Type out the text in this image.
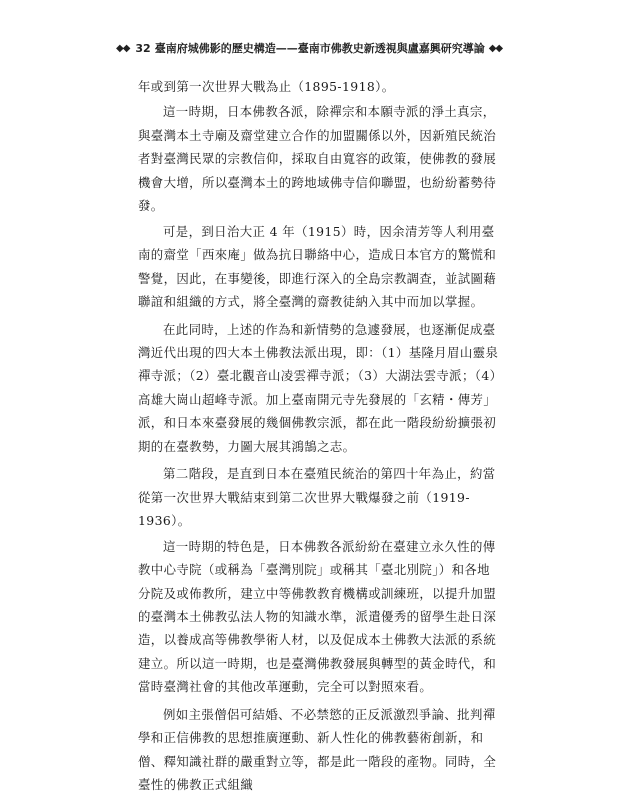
◆◆ 32 臺南府城佛影的歷史構造——臺南市佛教史新透視與盧嘉興研究導論 ◆◆

年或到第一次世界大戰為止（1895-1918）。

這一時期，日本佛教各派，除禪宗和本願寺派的淨土真宗，與臺灣本土寺廟及齋堂建立合作的加盟關係以外，因新殖民統治者對臺灣民眾的宗教信仰，採取自由寬容的政策，使佛教的發展機會大增，所以臺灣本土的跨地域佛寺信仰聯盟，也紛紛蓄勢待發。

可是，到日治大正 4 年（1915）時，因余清芳等人利用臺南的齋堂「西來庵」做為抗日聯絡中心，造成日本官方的驚慌和警覺，因此，在事變後，即進行深入的全島宗教調查，並試圖藉聯誼和組織的方式，將全臺灣的齋教徒納入其中而加以掌握。

在此同時，上述的作為和新情勢的急遽發展，也逐漸促成臺灣近代出現的四大本土佛教法派出現，即：（1）基隆月眉山靈泉禪寺派；（2）臺北觀音山凌雲禪寺派；（3）大湖法雲寺派；（4）高雄大崗山超峰寺派。加上臺南開元寺先發展的「玄精・傳芳」派，和日本來臺發展的幾個佛教宗派，都在此一階段紛紛擴張初期的在臺教勢，力圖大展其鴻鵠之志。

第二階段，是直到日本在臺殖民統治的第四十年為止，約當從第一次世界大戰結束到第二次世界大戰爆發之前（1919-1936）。

這一時期的特色是，日本佛教各派紛紛在臺建立永久性的傳教中心寺院（或稱為「臺灣別院」或稱其「臺北別院」）和各地分院及或佈教所，建立中等佛教教育機構或訓練班，以提升加盟的臺灣本土佛教弘法人物的知識水準，派遣優秀的留學生赴日深造，以養成高等佛教學術人材，以及促成本土佛教大法派的系統建立。所以這一時期，也是臺灣佛教發展與轉型的黃金時代，和當時臺灣社會的其他改革運動，完全可以對照來看。

例如主張僧侶可結婚、不必禁慾的正反派激烈爭論、批判禪學和正信佛教的思想推廣運動、新人性化的佛教藝術創新，和僧、釋知識社群的嚴重對立等，都是此一階段的產物。同時，全臺性的佛教正式組織
